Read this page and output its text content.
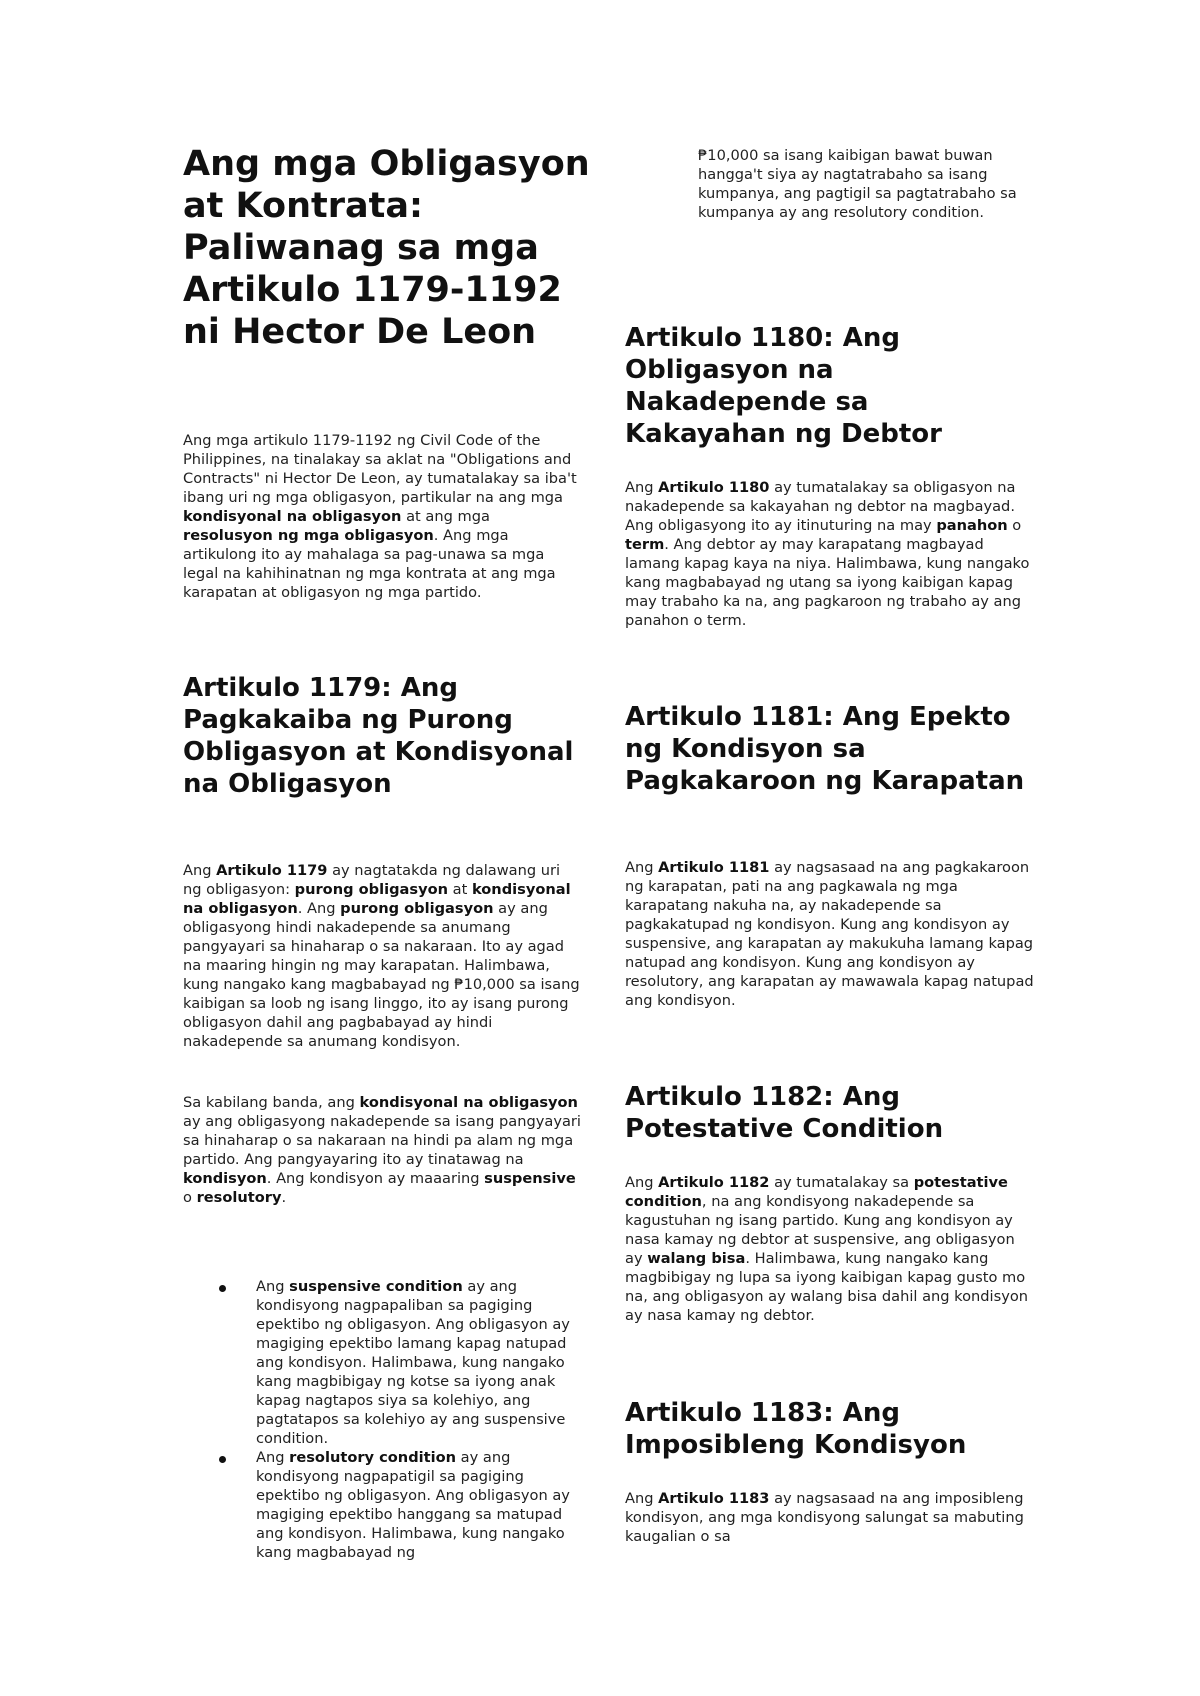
Ang mga Obligasyon at Kontrata: Paliwanag sa mga Artikulo 1179-1192 ni Hector De Leon

Ang mga artikulo 1179-1192 ng Civil Code of the Philippines, na tinalakay sa aklat na "Obligations and Contracts" ni Hector De Leon, ay tumatalakay sa iba't ibang uri ng mga obligasyon, partikular na ang mga kondisyonal na obligasyon at ang mga resolusyon ng mga obligasyon. Ang mga artikulong ito ay mahalaga sa pag-unawa sa mga legal na kahihinatnan ng mga kontrata at ang mga karapatan at obligasyon ng mga partido.

Artikulo 1179: Ang Pagkakaiba ng Purong Obligasyon at Kondisyonal na Obligasyon

Ang Artikulo 1179 ay nagtatakda ng dalawang uri ng obligasyon: purong obligasyon at kondisyonal na obligasyon. Ang purong obligasyon ay ang obligasyong hindi nakadepende sa anumang pangyayari sa hinaharap o sa nakaraan. Ito ay agad na maaring hingin ng may karapatan. Halimbawa, kung nangako kang magbabayad ng ₱10,000 sa isang kaibigan sa loob ng isang linggo, ito ay isang purong obligasyon dahil ang pagbabayad ay hindi nakadepende sa anumang kondisyon.

Sa kabilang banda, ang kondisyonal na obligasyon ay ang obligasyong nakadepende sa isang pangyayari sa hinaharap o sa nakaraan na hindi pa alam ng mga partido. Ang pangyayaring ito ay tinatawag na kondisyon. Ang kondisyon ay maaaring suspensive o resolutory.

Ang suspensive condition ay ang kondisyong nagpapaliban sa pagiging epektibo ng obligasyon. Ang obligasyon ay magiging epektibo lamang kapag natupad ang kondisyon. Halimbawa, kung nangako kang magbibigay ng kotse sa iyong anak kapag nagtapos siya sa kolehiyo, ang pagtatapos sa kolehiyo ay ang suspensive condition.

Ang resolutory condition ay ang kondisyong nagpapatigil sa pagiging epektibo ng obligasyon. Ang obligasyon ay magiging epektibo hanggang sa matupad ang kondisyon. Halimbawa, kung nangako kang magbabayad ng

₱10,000 sa isang kaibigan bawat buwan hangga't siya ay nagtatrabaho sa isang kumpanya, ang pagtigil sa pagtatrabaho sa kumpanya ay ang resolutory condition.

Artikulo 1180: Ang Obligasyon na Nakadepende sa Kakayahan ng Debtor

Ang Artikulo 1180 ay tumatalakay sa obligasyon na nakadepende sa kakayahan ng debtor na magbayad. Ang obligasyong ito ay itinuturing na may panahon o term. Ang debtor ay may karapatang magbayad lamang kapag kaya na niya. Halimbawa, kung nangako kang magbabayad ng utang sa iyong kaibigan kapag may trabaho ka na, ang pagkaroon ng trabaho ay ang panahon o term.

Artikulo 1181: Ang Epekto ng Kondisyon sa Pagkakaroon ng Karapatan

Ang Artikulo 1181 ay nagsasaad na ang pagkakaroon ng karapatan, pati na ang pagkawala ng mga karapatang nakuha na, ay nakadepende sa pagkakatupad ng kondisyon. Kung ang kondisyon ay suspensive, ang karapatan ay makukuha lamang kapag natupad ang kondisyon. Kung ang kondisyon ay resolutory, ang karapatan ay mawawala kapag natupad ang kondisyon.

Artikulo 1182: Ang Potestative Condition

Ang Artikulo 1182 ay tumatalakay sa potestative condition, na ang kondisyong nakadepende sa kagustuhan ng isang partido. Kung ang kondisyon ay nasa kamay ng debtor at suspensive, ang obligasyon ay walang bisa. Halimbawa, kung nangako kang magbibigay ng lupa sa iyong kaibigan kapag gusto mo na, ang obligasyon ay walang bisa dahil ang kondisyon ay nasa kamay ng debtor.

Artikulo 1183: Ang Imposibleng Kondisyon

Ang Artikulo 1183 ay nagsasaad na ang imposibleng kondisyon, ang mga kondisyong salungat sa mabuting kaugalian o sa
